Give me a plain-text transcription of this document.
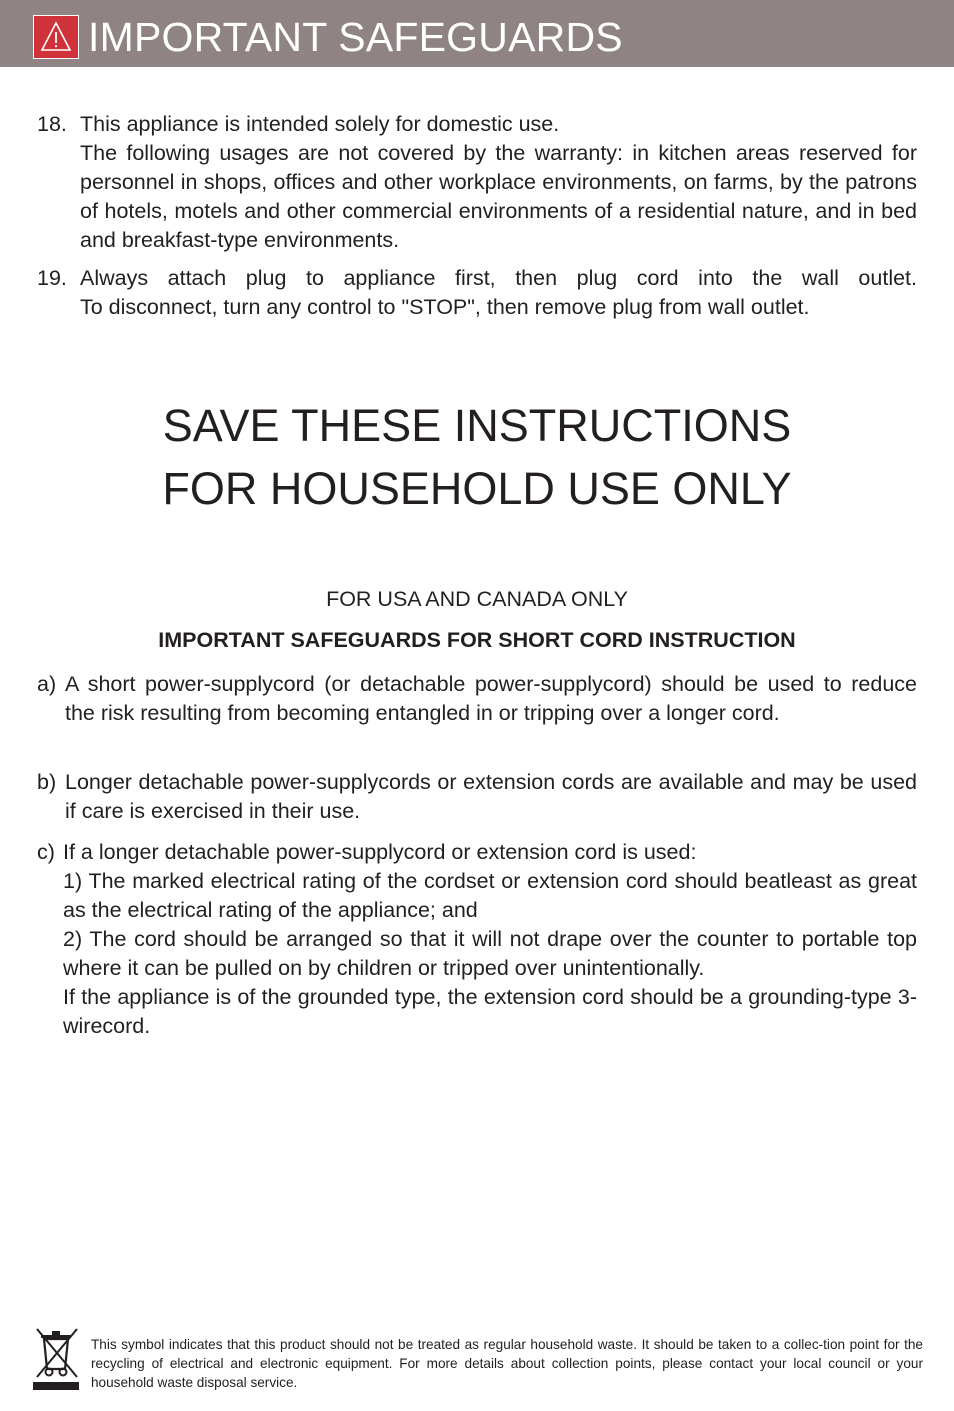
IMPORTANT SAFEGUARDS
18. This appliance is intended solely for domestic use.

The following usages are not covered by the warranty: in kitchen areas reserved for personnel in shops, offices and other workplace environments, on farms, by the patrons of hotels, motels and other commercial environments of a residential nature, and in bed and breakfast-type environments.

19. Always attach plug to appliance first, then plug cord into the wall outlet.

To disconnect, turn any control to "STOP", then remove plug from wall outlet.

SAVE THESE INSTRUCTIONS
FOR HOUSEHOLD USE ONLY
FOR USA AND CANADA ONLY
IMPORTANT SAFEGUARDS FOR SHORT CORD INSTRUCTION
a) A short power-supplycord (or detachable power-supplycord) should be used to reduce the risk resulting from becoming entangled in or tripping over a longer cord.
b) Longer detachable power-supplycords or extension cords are available and may be used if care is exercised in their use.
c) If a longer detachable power-supplycord or extension cord is used:

1) The marked electrical rating of the cordset or extension cord should beatleast as great as the electrical rating of the appliance; and

2) The cord should be arranged so that it will not drape over the counter to portable top where it can be pulled on by children or tripped over unintentionally.

If the appliance is of the grounded type, the extension cord should be a grounding-type 3-wirecord.

This symbol indicates that this product should not be treated as regular household waste. It should be taken to a collec-tion point for the recycling of electrical and electronic equipment. For more details about collection points, please contact your local council or your household waste disposal service.
